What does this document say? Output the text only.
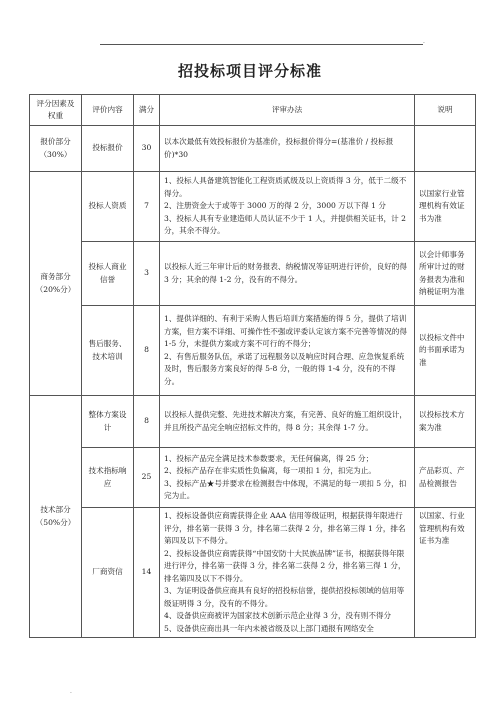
.
招投标项目评分标准
评分因素及权重	评价内容	满分	评审办法	说明
报价部分（30%）	投标报价	30	以本次最低有效投标报价为基准价，投标报价得分=(基准价 / 投标报价)*30	

商务部分（20%分）	投标人资质	7	1、投标人具备建筑智能化工程资质贰级及以上资质得 3 分，低于二级不得分。
2、注册资金大于或等于 3000 万的得 2 分，3000 万以下得 1 分
3、投标人具有专业建造师人员认证不少于 1 人，并提供相关证书，计 2 分，其余不得分。	以国家行业管理机构有效证书为准
	投标人商业信誉	3	以投标人近三年审计后的财务报表、纳税情况等证明进行评价，良好的得 3 分；其余的得 1-2 分，没有的不得分。	以会计师事务所审计过的财务报表为准和纳税证明为准
	售后服务、技术培训	8	1、提供详细的、有利于采购人售后培训方案措施的得 5 分，提供了培训方案，但方案不详细、可操作性不强或评委认定该方案不完善等情况的得 1-5 分，未提供方案或方案不可行的不得分；
2、有售后服务队伍，承诺了远程服务以及响应时间合理、应急恢复系统及时，售后服务方案良好的得 5-8 分，一般的得 1-4 分，没有的不得分。	以投标文件中的书面承诺为准
技术部分（50%分）	整体方案设计	8	以投标人提供完整、先进技术解决方案，有完善、良好的施工组织设计，并且所投产品完全响应招标文件的，得 8 分；其余得 1-7 分。	以投标技术方案为准
	技术指标响应	25	1、投标产品完全满足技术参数要求，无任何偏离，得 25 分；
2、投标产品存在非实质性负偏离，每一项扣 1 分，扣完为止。
3、投标产品★号并要求在检测报告中体现，不满足的每一项扣 5 分，扣完为止。	产品彩页、产品检测报告
	厂商资信	14	1、投标设备供应商需获得企业 AAA 信用等级证明，根据获得年限进行评分，排名第一获得 3 分，排名第二获得 2 分，排名第三得 1 分，排名第四及以下不得分。
2、投标设备供应商需获得“中国安防十大民族品牌”证书，根据获得年限进行评分，排名第一获得 3 分，排名第二获得 2 分，排名第三得 1 分，排名第四及以下不得分。
3、为证明设备供应商具有良好的招投标信誉，提供招投标领域的信用等级证明得 3 分，没有的不得分。
4、设备供应商被评为国家技术创新示范企业得 3 分，没有则不得分
5、设备供应商出具一年内未被省级及以上部门通报有网络安全	以国家、行业管理机构有效证书为准
·
